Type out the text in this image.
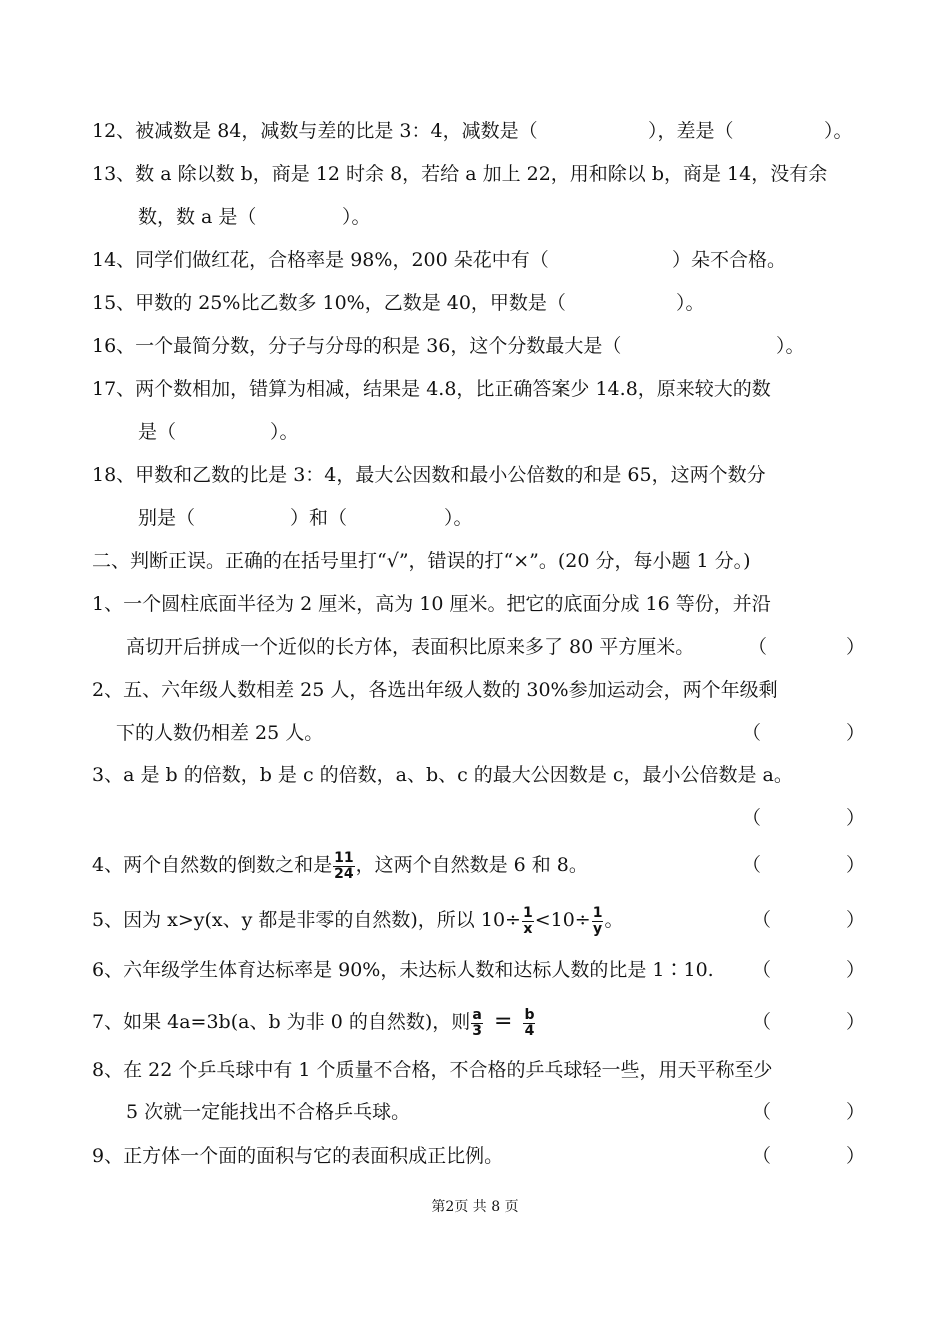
12、被减数是 84，减数与差的比是 3：4，减数是（	），差是（	）。
13、数 a 除以数 b，商是 12 时余 8，若给 a 加上 22，用和除以 b，商是 14，没有余
数，数 a 是（	）。
14、同学们做红花，合格率是 98%，200 朵花中有（	）朵不合格。
15、甲数的 25%比乙数多 10%，乙数是 40，甲数是（	）。
16、一个最简分数，分子与分母的积是 36，这个分数最大是（	）。
17、两个数相加，错算为相减，结果是 4.8，比正确答案少 14.8，原来较大的数
是（	）。
18、甲数和乙数的比是 3：4，最大公因数和最小公倍数的和是 65，这两个数分
别是（	）和（	）。
二、判断正误。正确的在括号里打“√”，错误的打“×”。(20 分，每小题 1 分。)
1、一个圆柱底面半径为 2 厘米，高为 10 厘米。把它的底面分成 16 等份，并沿
高切开后拼成一个近似的长方体，表面积比原来多了 80 平方厘米。	（	）
2、五、六年级人数相差 25 人，各选出年级人数的 30%参加运动会，两个年级剩
下的人数仍相差 25 人。	（	）
3、a 是 b 的倍数，b 是 c 的倍数，a、b、c 的最大公因数是 c，最小公倍数是 a。
（	）
4、两个自然数的倒数之和是 $\frac{11}{24}$ ，这两个自然数是 6 和 8。	（	）
5、因为 x>y(x、y 都是非零的自然数)，所以 $10\div \frac{1}{x} <10\div \frac{1}{y}$ 。	（	）
6、六年级学生体育达标率是 90%，未达标人数和达标人数的比是 1∶10. （	）
7、如果 4a=3b(a、b 为非 0 的自然数)，则 $\frac{a}{3} = \frac{b}{4}$	（	）
8、在 22 个乒乓球中有 1 个质量不合格，不合格的乒乓球轻一些，用天平称至少
5 次就一定能找出不合格乒乓球。	（	）
9、正方体一个面的面积与它的表面积成正比例。	（	）
第2页 共 8 页
